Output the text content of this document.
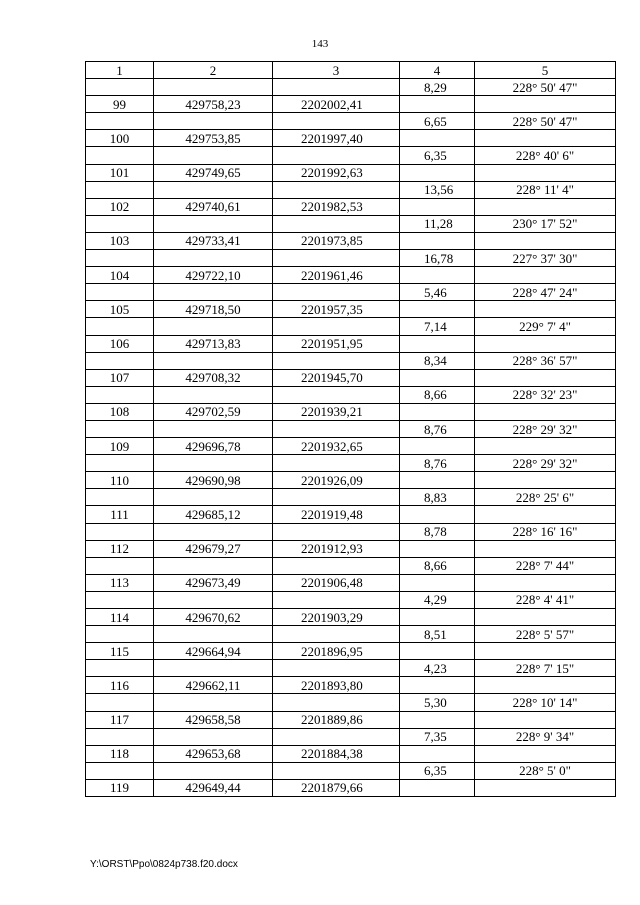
143
1	2	3	4	5
			8,29	228° 50' 47"
99	429758,23	2202002,41		
			6,65	228° 50' 47"
100	429753,85	2201997,40		
			6,35	228° 40' 6"
101	429749,65	2201992,63		
			13,56	228° 11' 4"
102	429740,61	2201982,53		
			11,28	230° 17' 52"
103	429733,41	2201973,85		
			16,78	227° 37' 30"
104	429722,10	2201961,46		
			5,46	228° 47' 24"
105	429718,50	2201957,35		
			7,14	229° 7' 4"
106	429713,83	2201951,95		
			8,34	228° 36' 57"
107	429708,32	2201945,70		
			8,66	228° 32' 23"
108	429702,59	2201939,21		
			8,76	228° 29' 32"
109	429696,78	2201932,65		
			8,76	228° 29' 32"
110	429690,98	2201926,09		
			8,83	228° 25' 6"
111	429685,12	2201919,48		
			8,78	228° 16' 16"
112	429679,27	2201912,93		
			8,66	228° 7' 44"
113	429673,49	2201906,48		
			4,29	228° 4' 41"
114	429670,62	2201903,29		
			8,51	228° 5' 57"
115	429664,94	2201896,95		
			4,23	228° 7' 15"
116	429662,11	2201893,80		
			5,30	228° 10' 14"
117	429658,58	2201889,86		
			7,35	228° 9' 34"
118	429653,68	2201884,38		
			6,35	228° 5' 0"
119	429649,44	2201879,66		
Y:\ORST\Ppo\0824p738.f20.docx
